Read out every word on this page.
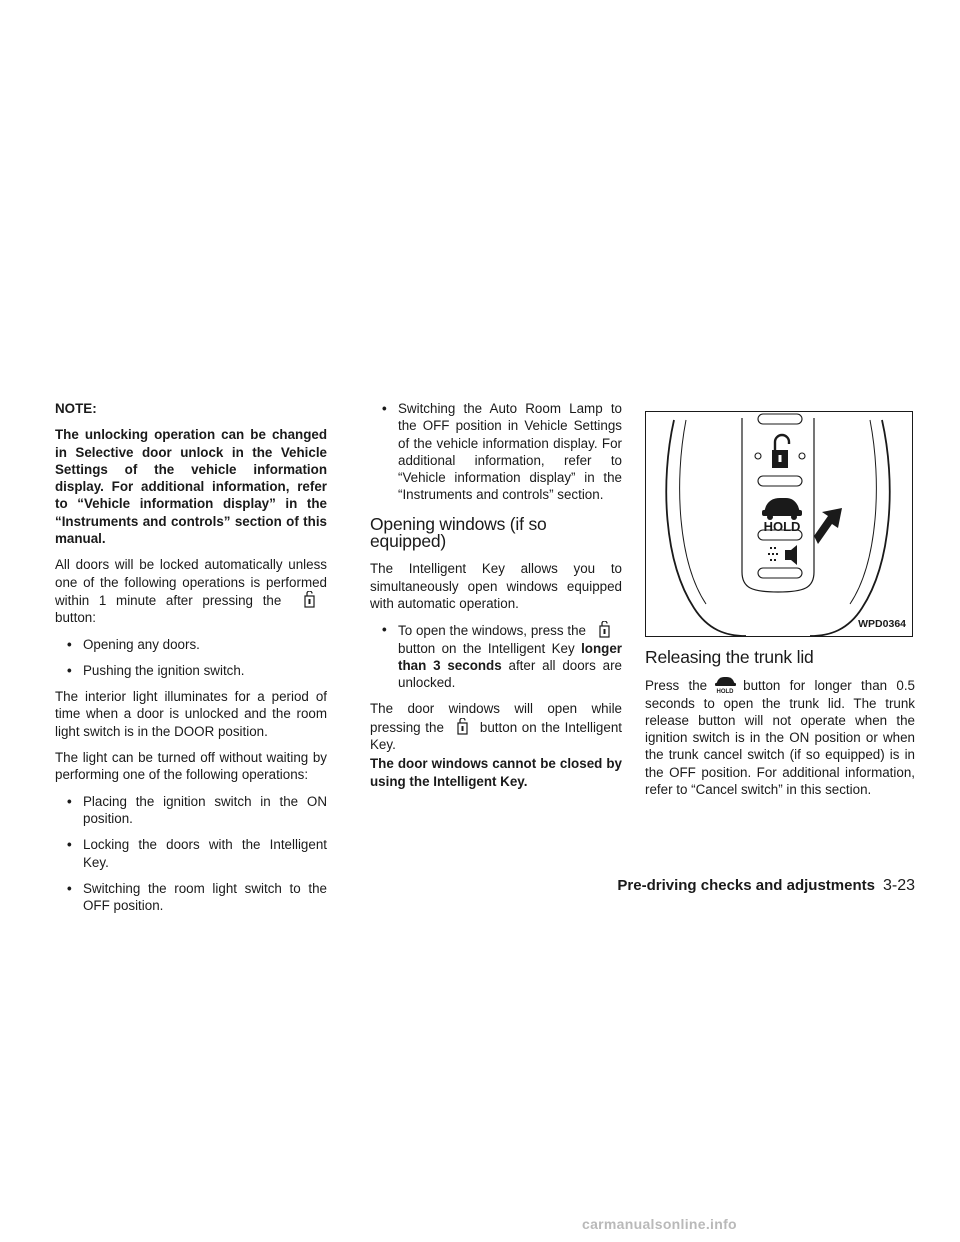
NOTE:

The unlocking operation can be changed in Selective door unlock in the Vehicle Settings of the vehicle information display. For additional information, refer to “Vehicle information display” in the “Instruments and controls” section of this manual.

All doors will be locked automatically unless one of the following operations is performed within 1 minute after pressing the  button:

• Opening any doors.
• Pushing the ignition switch.

The interior light illuminates for a period of time when a door is unlocked and the room light switch is in the DOOR position.

The light can be turned off without waiting by performing one of the following operations:

• Placing the ignition switch in the ON position.
• Locking the doors with the Intelligent Key.
• Switching the room light switch to the OFF position.
• Switching the Auto Room Lamp to the OFF position in Vehicle Settings of the vehicle information display. For additional information, refer to “Vehicle information display” in the “Instruments and controls” section.
Opening windows (if so equipped)

The Intelligent Key allows you to simultaneously open windows equipped with automatic operation.

• To open the windows, press thebutton on the Intelligent Key longer than 3 seconds after all doors are unlocked.

The door windows will open while pressing the	button on the Intelligent Key.

The door windows cannot be closed by using the Intelligent Key.

HOLD
WPD0364
Releasing the trunk lid

Press the HOLD button for longer than 0.5 seconds to open the trunk lid. The trunk release button will not operate when the ignition switch is in the ON position or when the trunk cancel switch (if so equipped) is in the OFF position. For additional information, refer to “Cancel switch” in this section.

Pre-driving checks and adjustments 3-23
carmanualsonline.info
